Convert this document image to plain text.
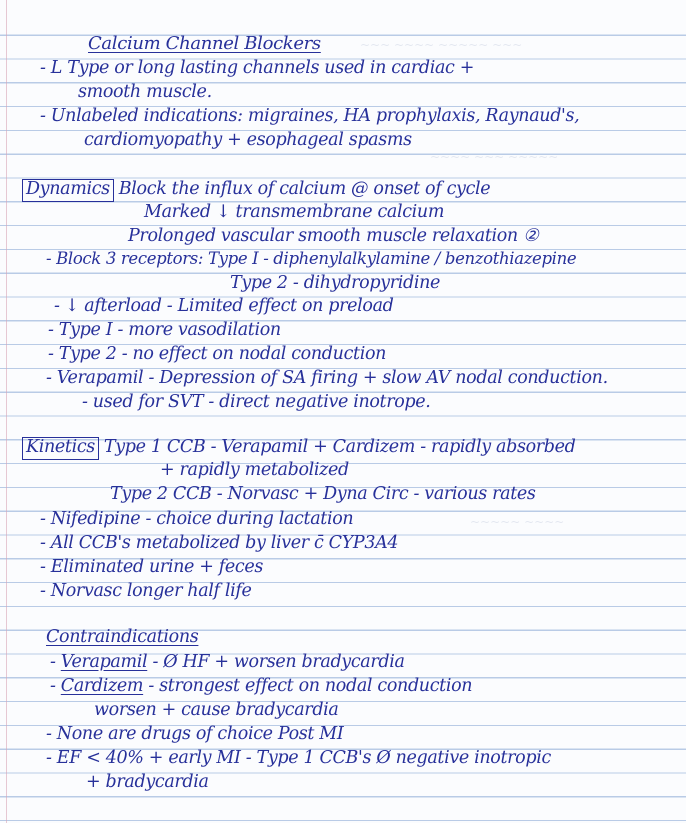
~~~ ~~~~ ~~~~~ ~~~
~~~~ ~~~ ~~~~~
~~~~~ ~~~~
Calcium Channel Blockers
- L Type or long lasting channels used in cardiac +
smooth muscle.
- Unlabeled indications: migraines, HA prophylaxis, Raynaud's,
cardiomyopathy + esophageal spasms
Dynamics Block the influx of calcium @ onset of cycle
Marked ↓ transmembrane calcium
Prolonged vascular smooth muscle relaxation ②
- Block 3 receptors: Type I - diphenylalkylamine / benzothiazepine
Type 2 - dihydropyridine
- ↓ afterload - Limited effect on preload
- Type I - more vasodilation
- Type 2 - no effect on nodal conduction
- Verapamil - Depression of SA firing + slow AV nodal conduction.
- used for SVT - direct negative inotrope.
Kinetics Type 1 CCB - Verapamil + Cardizem - rapidly absorbed
+ rapidly metabolized
Type 2 CCB - Norvasc + Dyna Circ - various rates
- Nifedipine - choice during lactation
- All CCB's metabolized by liver c̄ CYP3A4
- Eliminated urine + feces
- Norvasc longer half life
Contraindications
- Verapamil - Ø HF + worsen bradycardia
- Cardizem - strongest effect on nodal conduction
worsen + cause bradycardia
- None are drugs of choice Post MI
- EF < 40% + early MI - Type 1 CCB's Ø negative inotropic
+ bradycardia
